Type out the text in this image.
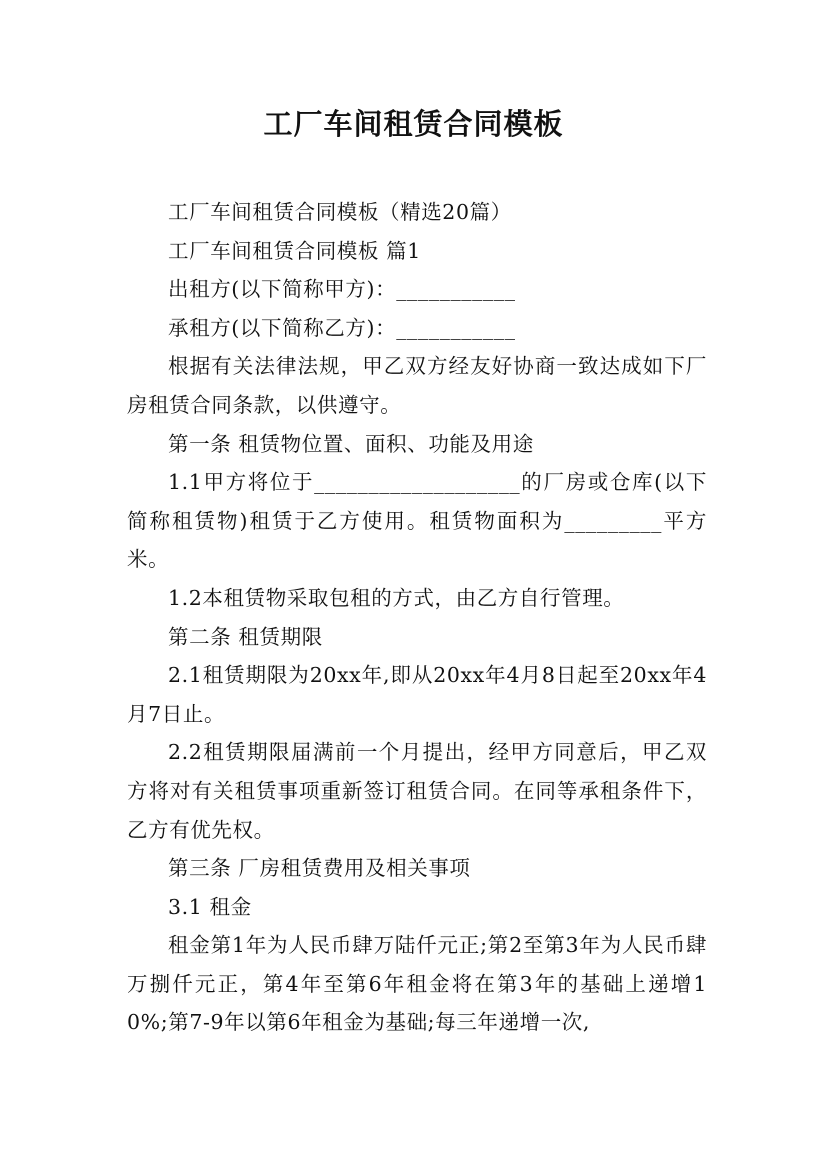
工厂车间租赁合同模板

工厂车间租赁合同模板（精选20篇）

工厂车间租赁合同模板 篇1

出租方(以下简称甲方)：___________

承租方(以下简称乙方)：___________

根据有关法律法规，甲乙双方经友好协商一致达成如下厂房租赁合同条款，以供遵守。

第一条 租赁物位置、面积、功能及用途

1.1甲方将位于___________________的厂房或仓库(以下简称租赁物)租赁于乙方使用。租赁物面积为_________平方米。

1.2本租赁物采取包租的方式，由乙方自行管理。

第二条 租赁期限

2.1租赁期限为20xx年,即从20xx年4月8日起至20xx年4月7日止。

2.2租赁期限届满前一个月提出，经甲方同意后，甲乙双方将对有关租赁事项重新签订租赁合同。在同等承租条件下，乙方有优先权。

第三条 厂房租赁费用及相关事项

3.1 租金

租金第1年为人民币肆万陆仟元正;第2至第3年为人民币肆万捌仟元正，第4年至第6年租金将在第3年的基础上递增10%;第7-9年以第6年租金为基础;每三年递增一次,
